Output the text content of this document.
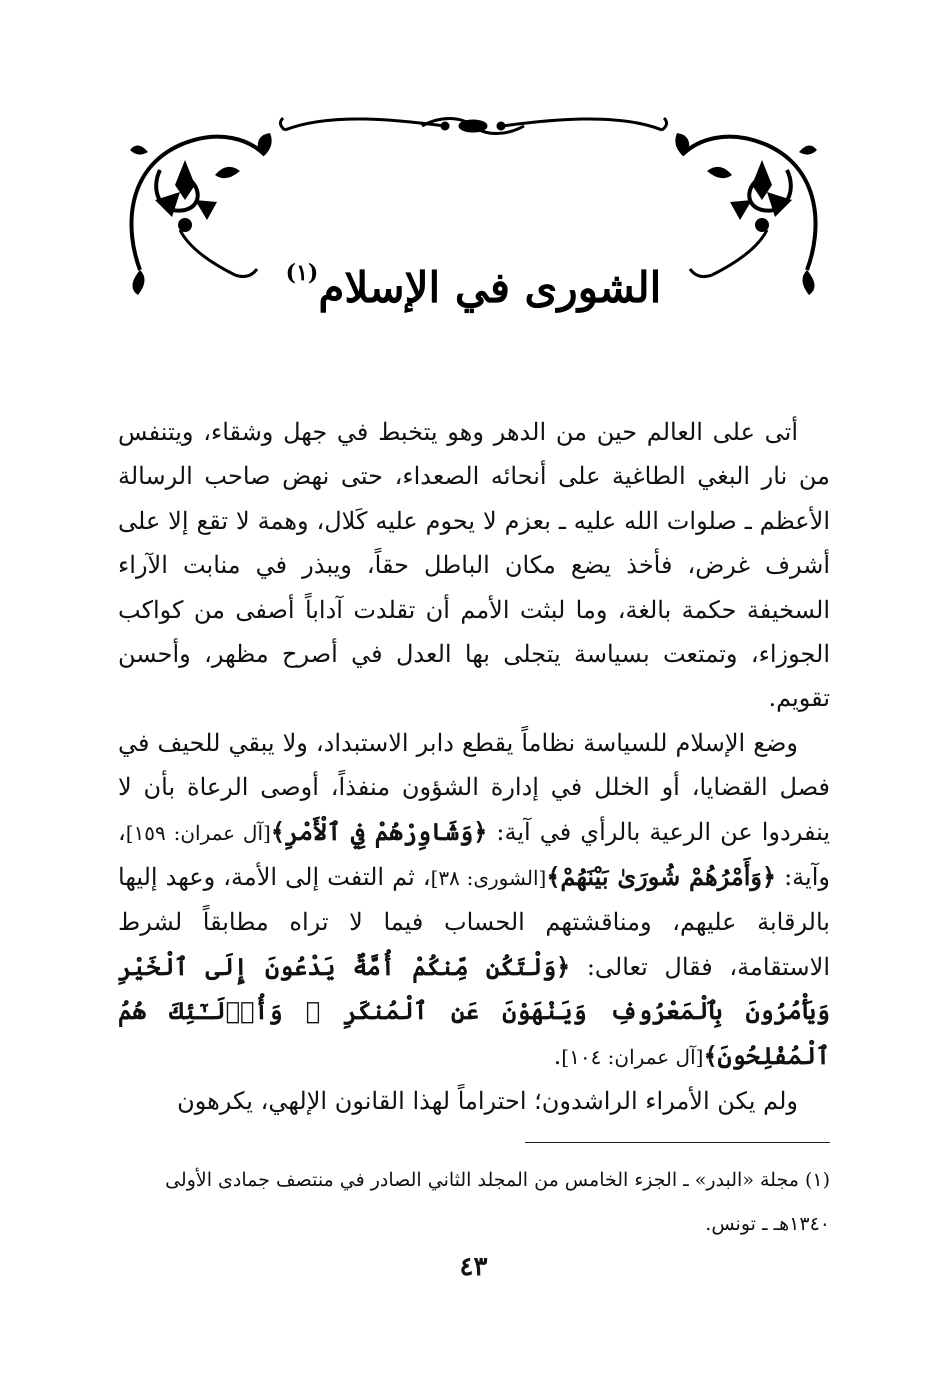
الشورى في الإسلام$^{(١)}$

أتى على العالم حين من الدهر وهو يتخبط في جهل وشقاء، ويتنفس من نار البغي الطاغية على أنحائه الصعداء، حتى نهض صاحب الرسالة الأعظم ـ صلوات الله عليه ـ بعزم لا يحوم عليه كَلال، وهمة لا تقع إلا على أشرف غرض، فأخذ يضع مكان الباطل حقاً، ويبذر في منابت الآراء السخيفة حكمة بالغة، وما لبثت الأمم أن تقلدت آداباً أصفى من كواكب الجوزاء، وتمتعت بسياسة يتجلى بها العدل في أصرح مظهر، وأحسن تقويم.

وضع الإسلام للسياسة نظاماً يقطع دابر الاستبداد، ولا يبقي للحيف في فصل القضايا، أو الخلل في إدارة الشؤون منفذاً، أوصى الرعاة بأن لا ينفردوا عن الرعية بالرأي في آية: ﴿وَشَاوِرْهُمْ فِي ٱلْأَمْرِ﴾[آل عمران: ١٥٩]، وآية: ﴿وَأَمْرُهُمْ شُورَىٰ بَيْنَهُمْ﴾[الشورى: ٣٨]، ثم التفت إلى الأمة، وعهد إليها بالرقابة عليهم، ومناقشتهم الحساب فيما لا تراه مطابقاً لشرط الاستقامة، فقال تعالى: ﴿وَلْتَكُن مِّنكُمْ أُمَّةٌ يَدْعُونَ إِلَى ٱلْخَيْرِ وَيَأْمُرُونَ بِٱلْمَعْرُوفِ وَيَنْهَوْنَ عَنِ ٱلْمُنكَرِ ۚ وَأُو۟لَـٰٓئِكَ هُمُ ٱلْمُفْلِحُونَ﴾[آل عمران: ١٠٤].

ولم يكن الأمراء الراشدون؛ احتراماً لهذا القانون الإلهي، يكرهون

(١) مجلة «البدر» ـ الجزء الخامس من المجلد الثاني الصادر في منتصف جمادى الأولى

١٣٤٠هـ ـ تونس.

٤٣
